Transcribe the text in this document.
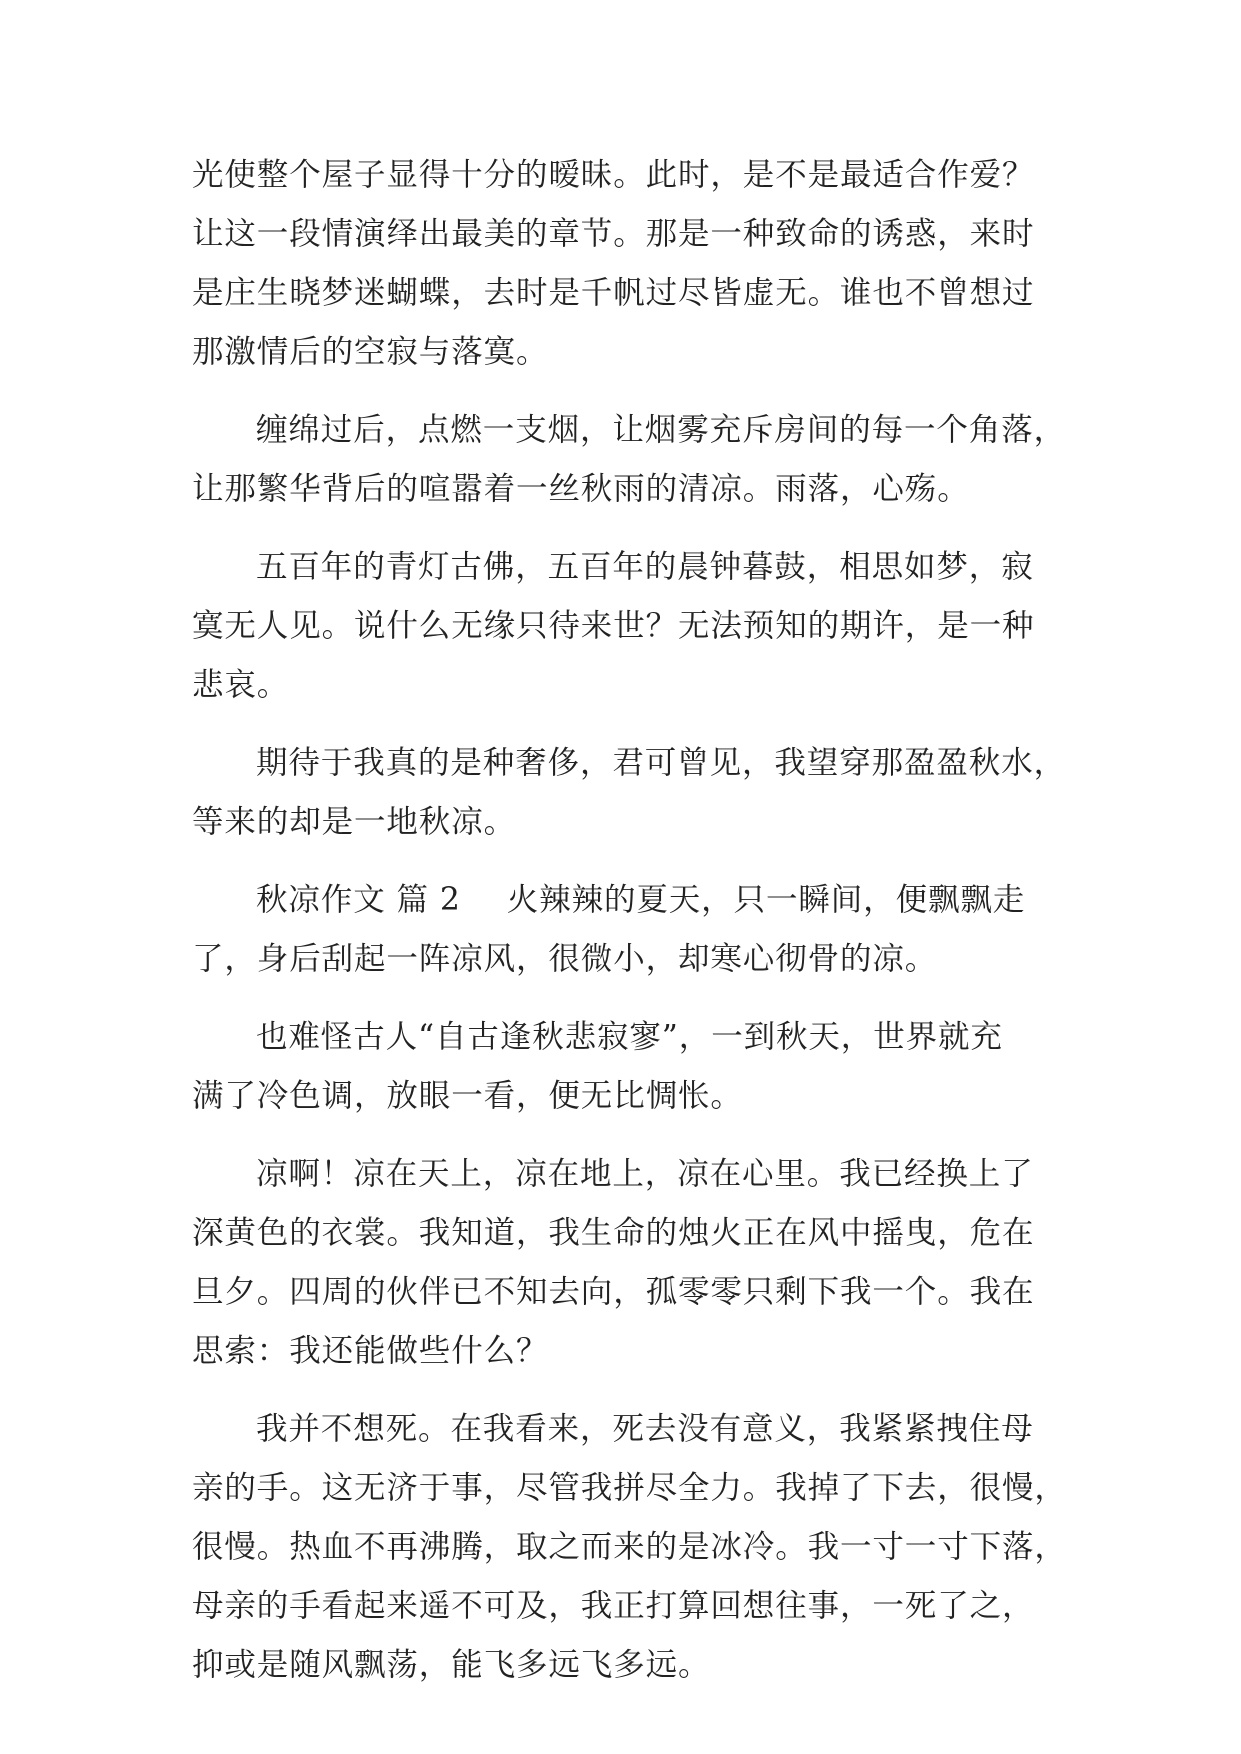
光使整个屋子显得十分的暧昧。此时，是不是最适合作爱？
让这一段情演绎出最美的章节。那是一种致命的诱惑，来时
是庄生晓梦迷蝴蝶，去时是千帆过尽皆虚无。谁也不曾想过
那激情后的空寂与落寞。
缠绵过后，点燃一支烟，让烟雾充斥房间的每一个角落，
让那繁华背后的喧嚣着一丝秋雨的清凉。雨落，心殇。
五百年的青灯古佛，五百年的晨钟暮鼓，相思如梦，寂
寞无人见。说什么无缘只待来世？无法预知的期许，是一种
悲哀。
期待于我真的是种奢侈，君可曾见，我望穿那盈盈秋水，
等来的却是一地秋凉。
秋凉作文 篇 2 火辣辣的夏天，只一瞬间，便飘飘走
了，身后刮起一阵凉风，很微小，却寒心彻骨的凉。
也难怪古人“自古逢秋悲寂寥”，一到秋天，世界就充
满了冷色调，放眼一看，便无比惆怅。
凉啊！凉在天上，凉在地上，凉在心里。我已经换上了
深黄色的衣裳。我知道，我生命的烛火正在风中摇曳，危在
旦夕。四周的伙伴已不知去向，孤零零只剩下我一个。我在
思索：我还能做些什么？
我并不想死。在我看来，死去没有意义，我紧紧拽住母
亲的手。这无济于事，尽管我拼尽全力。我掉了下去，很慢，
很慢。热血不再沸腾，取之而来的是冰冷。我一寸一寸下落，
母亲的手看起来遥不可及，我正打算回想往事，一死了之，
抑或是随风飘荡，能飞多远飞多远。
